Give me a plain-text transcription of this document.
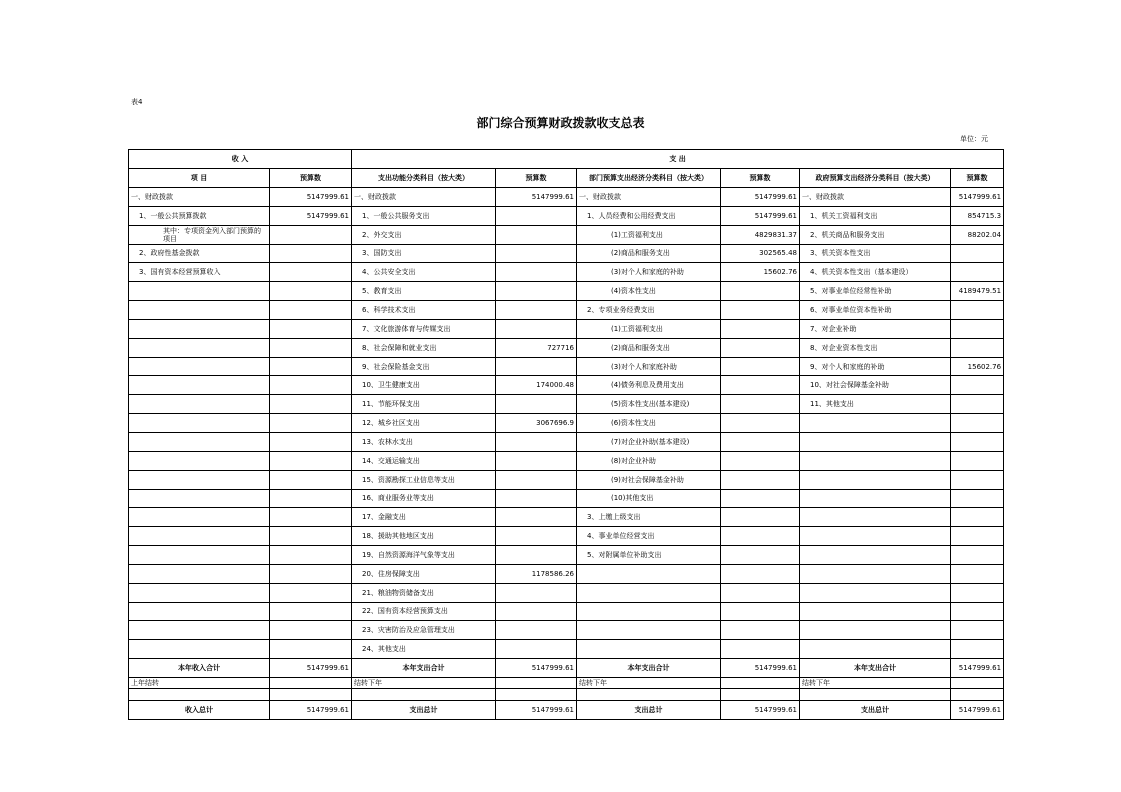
表4
部门综合预算财政拨款收支总表
单位：元
收 入		支 出					
项 目	预算数	支出功能分类科目（按大类）	预算数	部门预算支出经济分类科目（按大类）	预算数	政府预算支出经济分类科目（按大类）	预算数
一、财政拨款	5147999.61	一、财政拨款	5147999.61	一、财政拨款	5147999.61	一、财政拨款	5147999.61
1、一般公共预算拨款	5147999.61	1、一般公共服务支出		1、人员经费和公用经费支出	5147999.61	1、机关工资福利支出	854715.3
其中：专项资金列入部门预算的项目		2、外交支出		(1)工资福利支出	4829831.37	2、机关商品和服务支出	88202.04
2、政府性基金拨款		3、国防支出		(2)商品和服务支出	302565.48	3、机关资本性支出	
3、国有资本经营预算收入		4、公共安全支出		(3)对个人和家庭的补助	15602.76	4、机关资本性支出（基本建设）	
		5、教育支出		(4)资本性支出		5、对事业单位经常性补助	4189479.51
		6、科学技术支出		2、专项业务经费支出		6、对事业单位资本性补助	
		7、文化旅游体育与传媒支出		(1)工资福利支出		7、对企业补助	
		8、社会保障和就业支出	727716	(2)商品和服务支出		8、对企业资本性支出	
		9、社会保险基金支出		(3)对个人和家庭补助		9、对个人和家庭的补助	15602.76
		10、卫生健康支出	174000.48	(4)债务利息及费用支出		10、对社会保障基金补助	
		11、节能环保支出		(5)资本性支出(基本建设)		11、其他支出	
		12、城乡社区支出	3067696.9	(6)资本性支出			
		13、农林水支出		(7)对企业补助(基本建设)			
		14、交通运输支出		(8)对企业补助			
		15、资源勘探工业信息等支出		(9)对社会保障基金补助			
		16、商业服务业等支出		(10)其他支出			
		17、金融支出		3、上缴上级支出			
		18、援助其他地区支出		4、事业单位经营支出			
		19、自然资源海洋气象等支出		5、对附属单位补助支出			
		20、住房保障支出	1178586.26				
		21、粮油物资储备支出					
		22、国有资本经营预算支出					
		23、灾害防治及应急管理支出					
		24、其他支出					
本年收入合计	5147999.61	本年支出合计	5147999.61	本年支出合计	5147999.61	本年支出合计	5147999.61
上年结转		结转下年		结转下年		结转下年	

收入总计	5147999.61	支出总计	5147999.61	支出总计	5147999.61	支出总计	5147999.61
